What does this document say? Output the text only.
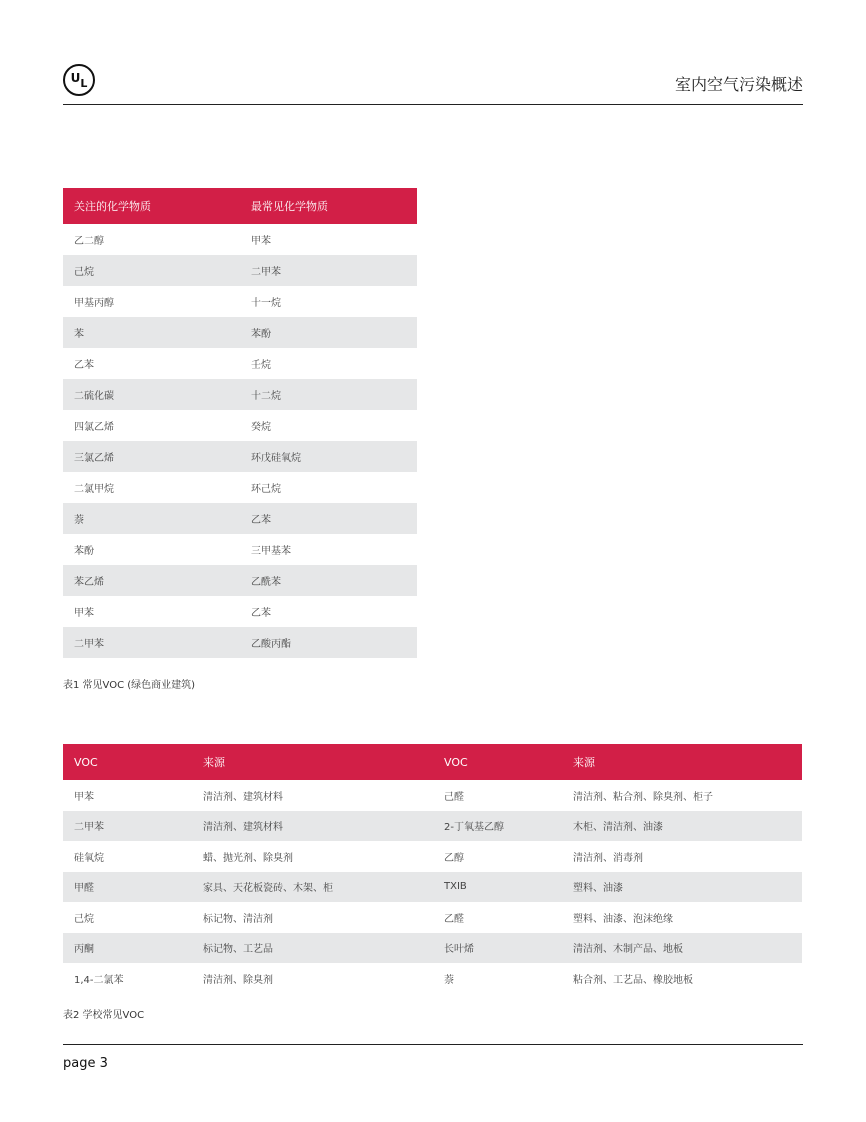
U L	室内空气污染概述
关注的化学物质	最常见化学物质
乙二醇	甲苯
己烷	二甲苯
甲基丙醇	十一烷
苯	苯酚
乙苯	壬烷
二硫化碳	十二烷
四氯乙烯	癸烷
三氯乙烯	环戊硅氧烷
二氯甲烷	环己烷
萘	乙苯
苯酚	三甲基苯
苯乙烯	乙酰苯
甲苯	乙苯
二甲苯	乙酸丙酯
表1 常见VOC (绿色商业建筑)
VOC	来源	VOC	来源
甲苯	清洁剂、建筑材料	己醛	清洁剂、粘合剂、除臭剂、柜子
二甲苯	清洁剂、建筑材料	2-丁氧基乙醇	木柜、清洁剂、油漆
硅氧烷	蜡、抛光剂、除臭剂	乙醇	清洁剂、消毒剂
甲醛	家具、天花板瓷砖、木架、柜	TXIB	塑料、油漆
己烷	标记物、清洁剂	乙醛	塑料、油漆、泡沫绝缘
丙酮	标记物、工艺品	长叶烯	清洁剂、木制产品、地板
1,4-二氯苯	清洁剂、除臭剂	萘	粘合剂、工艺品、橡胶地板
表2 学校常见VOC
page 3
